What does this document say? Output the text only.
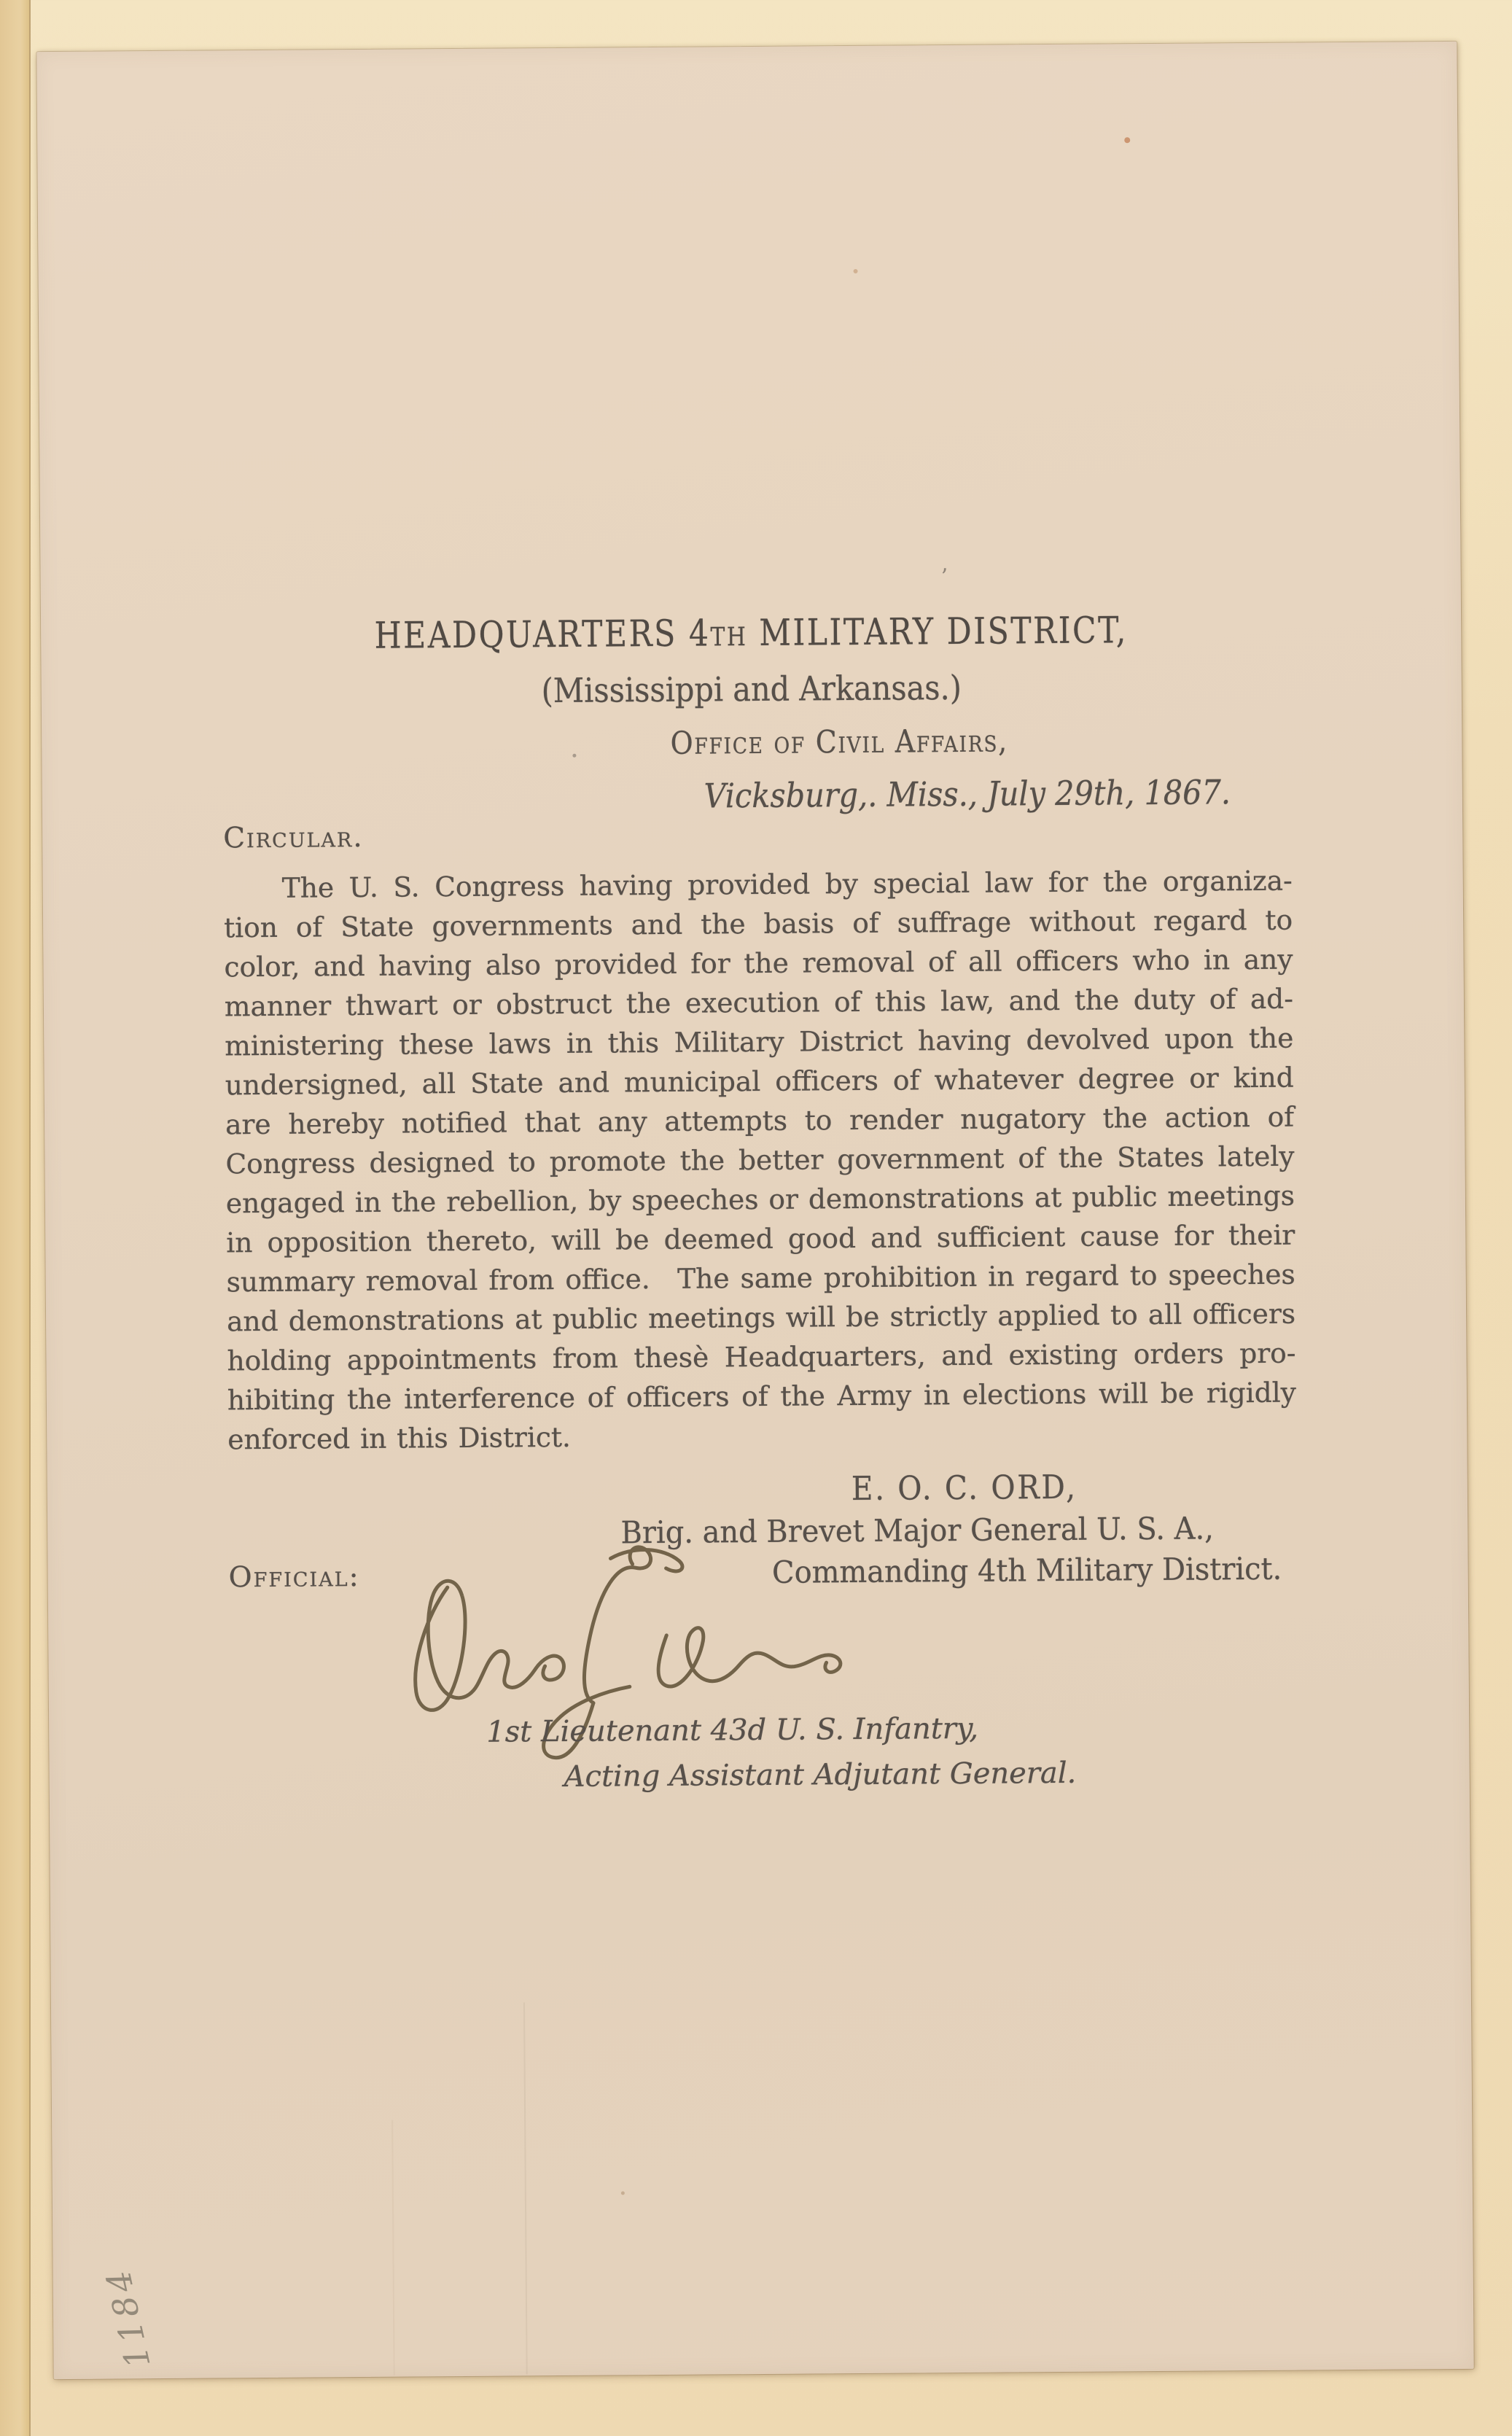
HEADQUARTERS 4th MILITARY DISTRICT,
(Mississippi and Arkansas.)
Office of Civil Affairs,
Vicksburg,. Miss., July 29th, 1867.
Circular.
The U. S. Congress having provided by special law for the organiza-
tion of State governments and the basis of suffrage without regard to
color, and having also provided for the removal of all officers who in any
manner thwart or obstruct the execution of this law, and the duty of ad-
ministering these laws in this Military District having devolved upon the
undersigned, all State and municipal officers of whatever degree or kind
are hereby notified that any attempts to render nugatory the action of
Congress designed to promote the better government of the States lately
engaged in the rebellion, by speeches or demonstrations at public meetings
in opposition thereto, will be deemed good and sufficient cause for their
summary removal from office. The same prohibition in regard to speeches
and demonstrations at public meetings will be strictly applied to all officers
holding appointments from thesè Headquarters, and existing orders pro-
hibiting the interference of officers of the Army in elections will be rigidly
enforced in this District.
E. O. C. ORD,
Brig. and Brevet Major General U. S. A.,
Commanding 4th Military District.
Official:
1st Lieutenant 43d U. S. Infantry,
Acting Assistant Adjutant General.
1184
’
